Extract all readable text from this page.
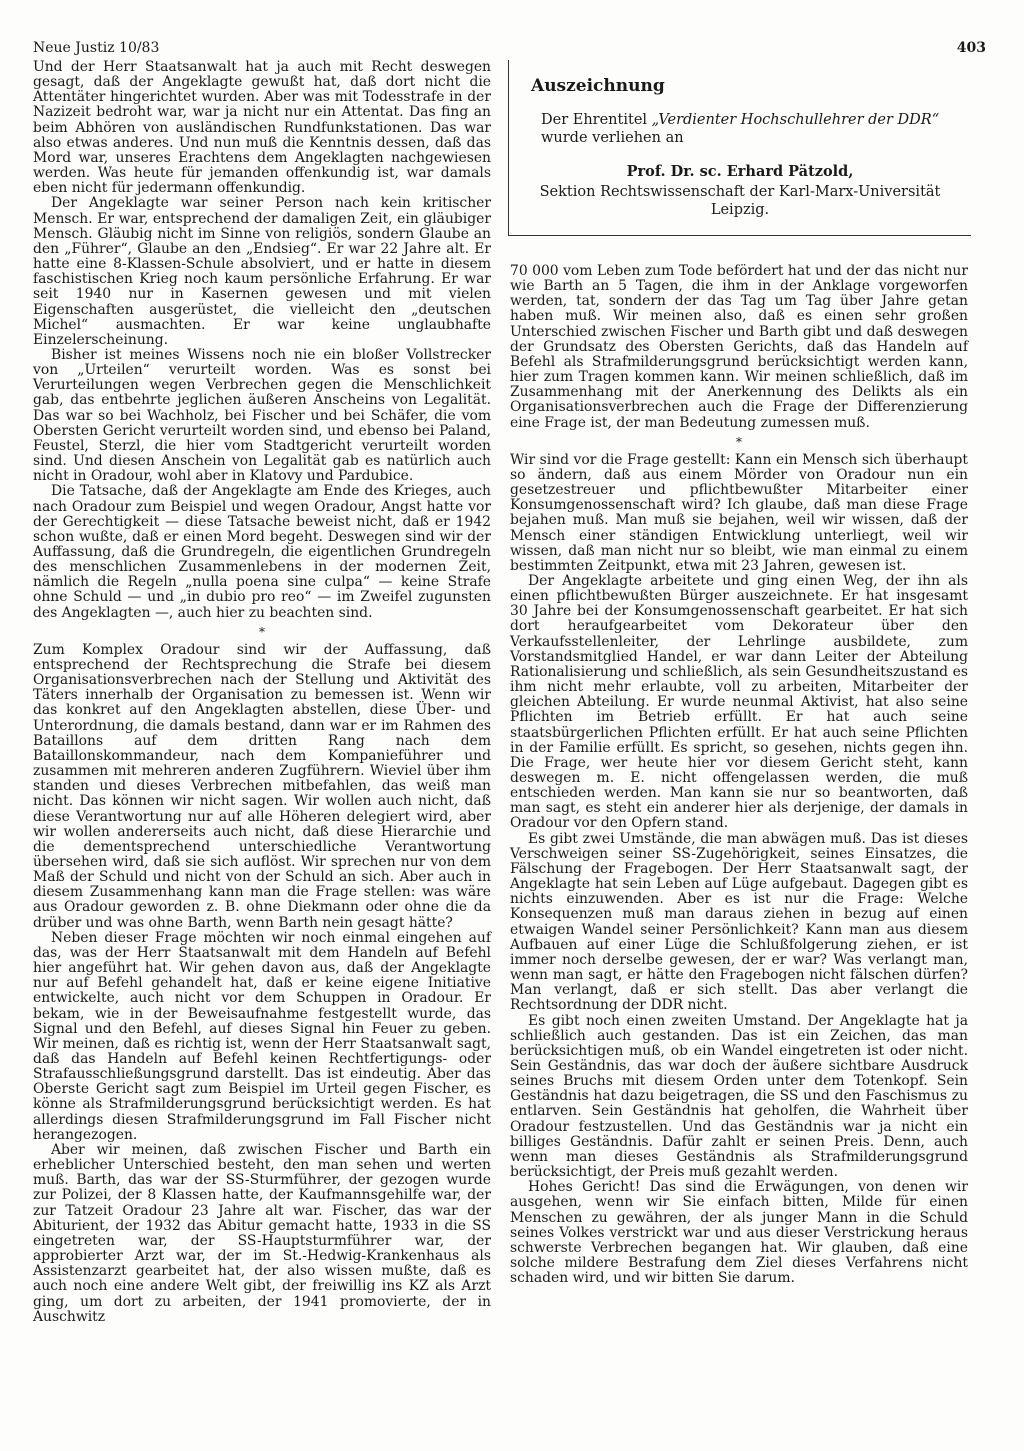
Neue Justiz 10/83	403

Und der Herr Staatsanwalt hat ja auch mit Recht deswegen gesagt, daß der Angeklagte gewußt hat, daß dort nicht die Attentäter hingerichtet wurden. Aber was mit Todesstrafe in der Nazizeit bedroht war, war ja nicht nur ein Attentat. Das fing an beim Abhören von ausländischen Rundfunkstationen. Das war also etwas anderes. Und nun muß die Kenntnis dessen, daß das Mord war, unseres Erachtens dem Angeklagten nachgewiesen werden. Was heute für jemanden offenkundig ist, war damals eben nicht für jedermann offenkundig.

Der Angeklagte war seiner Person nach kein kritischer Mensch. Er war, entsprechend der damaligen Zeit, ein gläubiger Mensch. Gläubig nicht im Sinne von religiös, sondern Glaube an den „Führer“, Glaube an den „Endsieg“. Er war 22 Jahre alt. Er hatte eine 8-Klassen-Schule absolviert, und er hatte in diesem faschistischen Krieg noch kaum persönliche Erfahrung. Er war seit 1940 nur in Kasernen gewesen und mit vielen Eigenschaften ausgerüstet, die vielleicht den „deutschen Michel“ ausmachten. Er war keine unglaubhafte Einzelerscheinung.

Bisher ist meines Wissens noch nie ein bloßer Vollstrecker von „Urteilen“ verurteilt worden. Was es sonst bei Verurteilungen wegen Verbrechen gegen die Menschlichkeit gab, das entbehrte jeglichen äußeren Anscheins von Legalität. Das war so bei Wachholz, bei Fischer und bei Schäfer, die vom Obersten Gericht verurteilt worden sind, und ebenso bei Paland, Feustel, Sterzl, die hier vom Stadtgericht verurteilt worden sind. Und diesen Anschein von Legalität gab es natürlich auch nicht in Oradour, wohl aber in Klatovy und Pardubice.

Die Tatsache, daß der Angeklagte am Ende des Krieges, auch nach Oradour zum Beispiel und wegen Oradour, Angst hatte vor der Gerechtigkeit — diese Tatsache beweist nicht, daß er 1942 schon wußte, daß er einen Mord begeht. Deswegen sind wir der Auffassung, daß die Grundregeln, die eigentlichen Grundregeln des menschlichen Zusammenlebens in der modernen Zeit, nämlich die Regeln „nulla poena sine culpa“ — keine Strafe ohne Schuld — und „in dubio pro reo“ — im Zweifel zugunsten des Angeklagten —, auch hier zu beachten sind.

*

Zum Komplex Oradour sind wir der Auffassung, daß entsprechend der Rechtsprechung die Strafe bei diesem Organisationsverbrechen nach der Stellung und Aktivität des Täters innerhalb der Organisation zu bemessen ist. Wenn wir das konkret auf den Angeklagten abstellen, diese Über- und Unterordnung, die damals bestand, dann war er im Rahmen des Bataillons auf dem dritten Rang nach dem Bataillonskommandeur, nach dem Kompanieführer und zusammen mit mehreren anderen Zugführern. Wieviel über ihm standen und dieses Verbrechen mitbefahlen, das weiß man nicht. Das können wir nicht sagen. Wir wollen auch nicht, daß diese Verantwortung nur auf alle Höheren delegiert wird, aber wir wollen andererseits auch nicht, daß diese Hierarchie und die dementsprechend unterschiedliche Verantwortung übersehen wird, daß sie sich auflöst. Wir sprechen nur von dem Maß der Schuld und nicht von der Schuld an sich. Aber auch in diesem Zusammenhang kann man die Frage stellen: was wäre aus Oradour geworden z. B. ohne Diekmann oder ohne die da drüber und was ohne Barth, wenn Barth nein gesagt hätte?

Neben dieser Frage möchten wir noch einmal eingehen auf das, was der Herr Staatsanwalt mit dem Handeln auf Befehl hier angeführt hat. Wir gehen davon aus, daß der Angeklagte nur auf Befehl gehandelt hat, daß er keine eigene Initiative entwickelte, auch nicht vor dem Schuppen in Oradour. Er bekam, wie in der Beweisaufnahme festgestellt wurde, das Signal und den Befehl, auf dieses Signal hin Feuer zu geben. Wir meinen, daß es richtig ist, wenn der Herr Staatsanwalt sagt, daß das Handeln auf Befehl keinen Rechtfertigungs- oder Strafausschließungsgrund darstellt. Das ist eindeutig. Aber das Oberste Gericht sagt zum Beispiel im Urteil gegen Fischer, es könne als Strafmilderungsgrund berücksichtigt werden. Es hat allerdings diesen Strafmilderungsgrund im Fall Fischer nicht herangezogen.

Aber wir meinen, daß zwischen Fischer und Barth ein erheblicher Unterschied besteht, den man sehen und werten muß. Barth, das war der SS-Sturmführer, der gezogen wurde zur Polizei, der 8 Klassen hatte, der Kaufmannsgehilfe war, der zur Tatzeit Oradour 23 Jahre alt war. Fischer, das war der Abiturient, der 1932 das Abitur gemacht hatte, 1933 in die SS eingetreten war, der SS-Hauptsturmführer war, der approbierter Arzt war, der im St.-Hedwig-Krankenhaus als Assistenzarzt gearbeitet hat, der also wissen mußte, daß es auch noch eine andere Welt gibt, der freiwillig ins KZ als Arzt ging, um dort zu arbeiten, der 1941 promovierte, der in Auschwitz

Auszeichnung
Der Ehrentitel „Verdienter Hochschullehrer der DDR“
wurde verliehen an
Prof. Dr. sc. Erhard Pätzold,
Sektion Rechtswissenschaft der Karl-Marx-Universität
Leipzig.

70 000 vom Leben zum Tode befördert hat und der das nicht nur wie Barth an 5 Tagen, die ihm in der Anklage vorgeworfen werden, tat, sondern der das Tag um Tag über Jahre getan haben muß. Wir meinen also, daß es einen sehr großen Unterschied zwischen Fischer und Barth gibt und daß deswegen der Grundsatz des Obersten Gerichts, daß das Handeln auf Befehl als Strafmilderungsgrund berücksichtigt werden kann, hier zum Tragen kommen kann. Wir meinen schließlich, daß im Zusammenhang mit der Anerkennung des Delikts als ein Organisationsverbrechen auch die Frage der Differenzierung eine Frage ist, der man Bedeutung zumessen muß.

*

Wir sind vor die Frage gestellt: Kann ein Mensch sich überhaupt so ändern, daß aus einem Mörder von Oradour nun ein gesetzestreuer und pflichtbewußter Mitarbeiter einer Konsumgenossenschaft wird? Ich glaube, daß man diese Frage bejahen muß. Man muß sie bejahen, weil wir wissen, daß der Mensch einer ständigen Entwicklung unterliegt, weil wir wissen, daß man nicht nur so bleibt, wie man einmal zu einem bestimmten Zeitpunkt, etwa mit 23 Jahren, gewesen ist.

Der Angeklagte arbeitete und ging einen Weg, der ihn als einen pflichtbewußten Bürger auszeichnete. Er hat insgesamt 30 Jahre bei der Konsumgenossenschaft gearbeitet. Er hat sich dort heraufgearbeitet vom Dekorateur über den Verkaufsstellenleiter, der Lehrlinge ausbildete, zum Vorstandsmitglied Handel, er war dann Leiter der Abteilung Rationalisierung und schließlich, als sein Gesundheitszustand es ihm nicht mehr erlaubte, voll zu arbeiten, Mitarbeiter der gleichen Abteilung. Er wurde neunmal Aktivist, hat also seine Pflichten im Betrieb erfüllt. Er hat auch seine staatsbürgerlichen Pflichten erfüllt. Er hat auch seine Pflichten in der Familie erfüllt. Es spricht, so gesehen, nichts gegen ihn. Die Frage, wer heute hier vor diesem Gericht steht, kann deswegen m. E. nicht offengelassen werden, die muß entschieden werden. Man kann sie nur so beantworten, daß man sagt, es steht ein anderer hier als derjenige, der damals in Oradour vor den Opfern stand.

Es gibt zwei Umstände, die man abwägen muß. Das ist dieses Verschweigen seiner SS-Zugehörigkeit, seines Einsatzes, die Fälschung der Fragebogen. Der Herr Staatsanwalt sagt, der Angeklagte hat sein Leben auf Lüge aufgebaut. Dagegen gibt es nichts einzuwenden. Aber es ist nur die Frage: Welche Konsequenzen muß man daraus ziehen in bezug auf einen etwaigen Wandel seiner Persönlichkeit? Kann man aus diesem Aufbauen auf einer Lüge die Schlußfolgerung ziehen, er ist immer noch derselbe gewesen, der er war? Was verlangt man, wenn man sagt, er hätte den Fragebogen nicht fälschen dürfen? Man verlangt, daß er sich stellt. Das aber verlangt die Rechtsordnung der DDR nicht.

Es gibt noch einen zweiten Umstand. Der Angeklagte hat ja schließlich auch gestanden. Das ist ein Zeichen, das man berücksichtigen muß, ob ein Wandel eingetreten ist oder nicht. Sein Geständnis, das war doch der äußere sichtbare Ausdruck seines Bruchs mit diesem Orden unter dem Totenkopf. Sein Geständnis hat dazu beigetragen, die SS und den Faschismus zu entlarven. Sein Geständnis hat geholfen, die Wahrheit über Oradour festzustellen. Und das Geständnis war ja nicht ein billiges Geständnis. Dafür zahlt er seinen Preis. Denn, auch wenn man dieses Geständnis als Strafmilderungsgrund berücksichtigt, der Preis muß gezahlt werden.

Hohes Gericht! Das sind die Erwägungen, von denen wir ausgehen, wenn wir Sie einfach bitten, Milde für einen Menschen zu gewähren, der als junger Mann in die Schuld seines Volkes verstrickt war und aus dieser Verstrickung heraus schwerste Verbrechen begangen hat. Wir glauben, daß eine solche mildere Bestrafung dem Ziel dieses Verfahrens nicht schaden wird, und wir bitten Sie darum.
